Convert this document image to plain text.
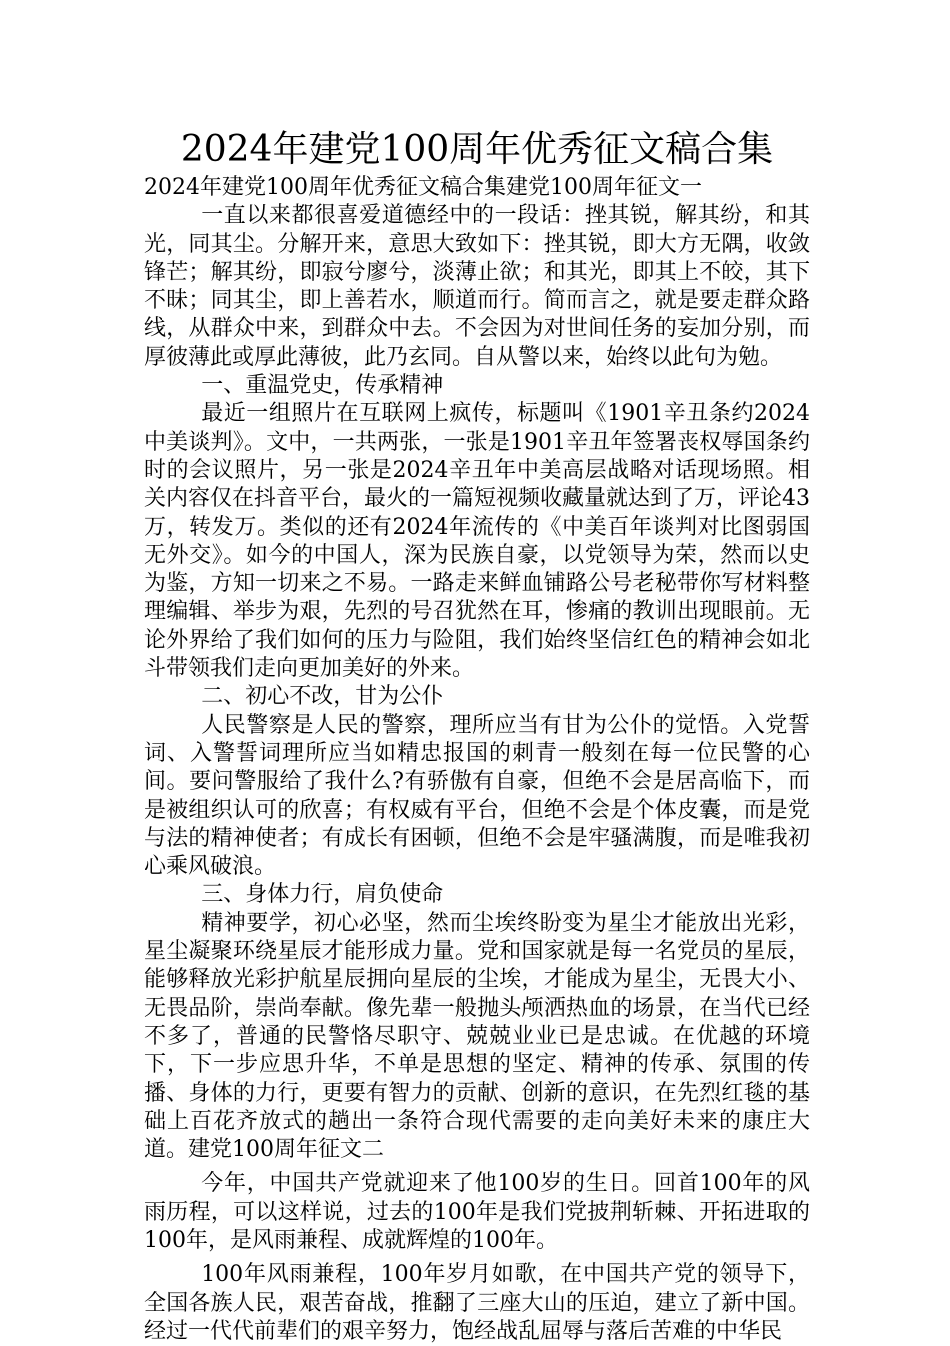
2024年建党100周年优秀征文稿合集

2024年建党100周年优秀征文稿合集建党100周年征文一

一直以来都很喜爱道德经中的一段话：挫其锐，解其纷，和其光，同其尘。分解开来，意思大致如下：挫其锐，即大方无隅，收敛锋芒；解其纷，即寂兮廖兮，淡薄止欲；和其光，即其上不皎，其下不昧；同其尘，即上善若水，顺道而行。简而言之，就是要走群众路线，从群众中来，到群众中去。不会因为对世间任务的妄加分别，而厚彼薄此或厚此薄彼，此乃玄同。自从警以来，始终以此句为勉。

一、重温党史，传承精神

最近一组照片在互联网上疯传，标题叫《1901辛丑条约2024中美谈判》。文中，一共两张，一张是1901辛丑年签署丧权辱国条约时的会议照片，另一张是2024辛丑年中美高层战略对话现场照。相关内容仅在抖音平台，最火的一篇短视频收藏量就达到了万，评论43万，转发万。类似的还有2024年流传的《中美百年谈判对比图弱国无外交》。如今的中国人，深为民族自豪，以党领导为荣，然而以史为鉴，方知一切来之不易。一路走来鲜血铺路公号老秘带你写材料整理编辑、举步为艰，先烈的号召犹然在耳，惨痛的教训出现眼前。无论外界给了我们如何的压力与险阻，我们始终坚信红色的精神会如北斗带领我们走向更加美好的外来。

二、初心不改，甘为公仆

人民警察是人民的警察，理所应当有甘为公仆的觉悟。入党誓词、入警誓词理所应当如精忠报国的刺青一般刻在每一位民警的心间。要问警服给了我什么?有骄傲有自豪，但绝不会是居高临下，而是被组织认可的欣喜；有权威有平台，但绝不会是个体皮囊，而是党与法的精神使者；有成长有困顿，但绝不会是牢骚满腹，而是唯我初心乘风破浪。

三、身体力行，肩负使命

精神要学，初心必坚，然而尘埃终盼变为星尘才能放出光彩，星尘凝聚环绕星辰才能形成力量。党和国家就是每一名党员的星辰，能够释放光彩护航星辰拥向星辰的尘埃，才能成为星尘，无畏大小、无畏品阶，崇尚奉献。像先辈一般抛头颅洒热血的场景，在当代已经不多了，普通的民警恪尽职守、兢兢业业已是忠诚。在优越的环境下，下一步应思升华，不单是思想的坚定、精神的传承、氛围的传播、身体的力行，更要有智力的贡献、创新的意识，在先烈红毯的基础上百花齐放式的趟出一条符合现代需要的走向美好未来的康庄大道。建党100周年征文二

今年，中国共产党就迎来了他100岁的生日。回首100年的风雨历程，可以这样说，过去的100年是我们党披荆斩棘、开拓进取的100年，是风雨兼程、成就辉煌的100年。

100年风雨兼程，100年岁月如歌，在中国共产党的领导下，全国各族人民，艰苦奋战，推翻了三座大山的压迫，建立了新中国。经过一代代前辈们的艰辛努力，饱经战乱屈辱与落后苦难的中华民
